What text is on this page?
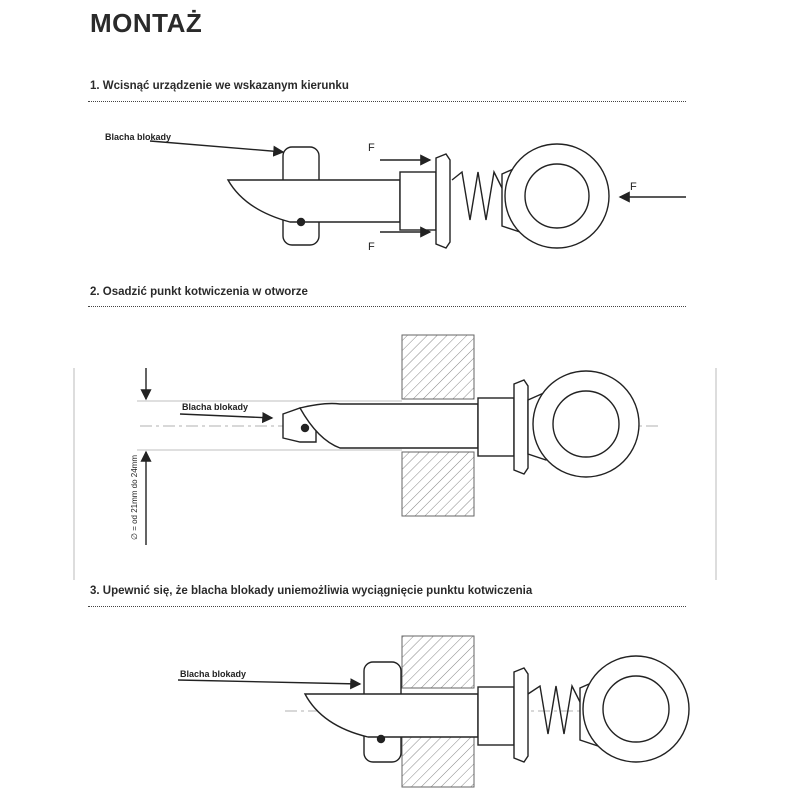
MONTAŻ
1. Wcisnąć urządzenie we wskazanym kierunku
2. Osadzić punkt kotwiczenia w otworze
3. Upewnić się, że blacha blokady uniemożliwia wyciągnięcie punktu kotwiczenia
Blacha blokady
F
F
F
Blacha blokady
∅ = od 21mm do 24mm
Blacha blokady
